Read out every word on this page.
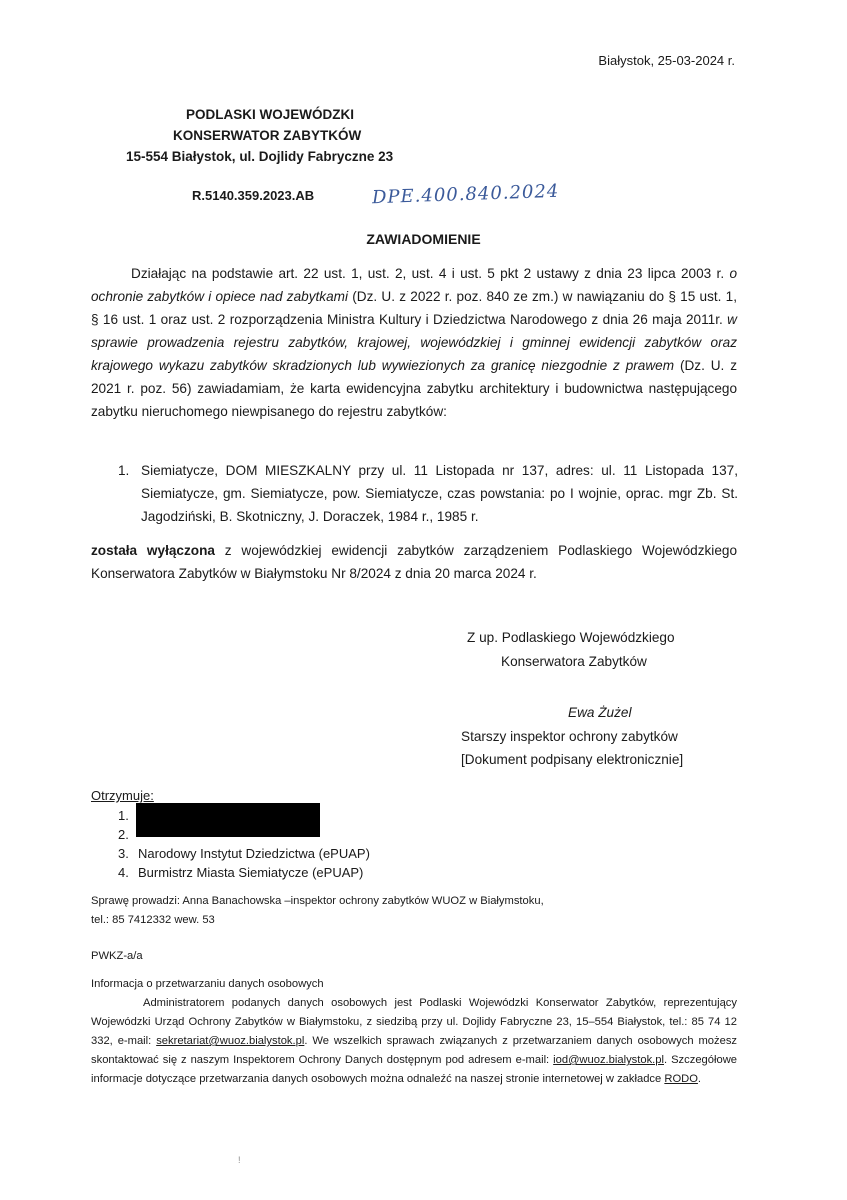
Białystok, 25-03-2024 r.
PODLASKI WOJEWÓDZKI
KONSERWATOR ZABYTKÓW
15-554 Białystok, ul. Dojlidy Fabryczne 23
R.5140.359.2023.AB	DPE.400.840.2024
ZAWIADOMIENIE
Działając na podstawie art. 22 ust. 1, ust. 2, ust. 4 i ust. 5 pkt 2 ustawy z dnia 23 lipca 2003 r. o ochronie zabytków i opiece nad zabytkami (Dz. U. z 2022 r. poz. 840 ze zm.) w nawiązaniu do § 15 ust. 1, § 16 ust. 1 oraz ust. 2 rozporządzenia Ministra Kultury i Dziedzictwa Narodowego z dnia 26 maja 2011r. w sprawie prowadzenia rejestru zabytków, krajowej, wojewódzkiej i gminnej ewidencji zabytków oraz krajowego wykazu zabytków skradzionych lub wywiezionych za granicę niezgodnie z prawem (Dz. U. z 2021 r. poz. 56) zawiadamiam, że karta ewidencyjna zabytku architektury i budownictwa następującego zabytku nieruchomego niewpisanego do rejestru zabytków:
1. Siemiatycze, DOM MIESZKALNY przy ul. 11 Listopada nr 137, adres: ul. 11 Listopada 137, Siemiatycze, gm. Siemiatycze, pow. Siemiatycze, czas powstania: po I wojnie, oprac. mgr Zb. St. Jagodziński, B. Skotniczny, J. Doraczek, 1984 r., 1985 r.
została wyłączona z wojewódzkiej ewidencji zabytków zarządzeniem Podlaskiego Wojewódzkiego Konserwatora Zabytków w Białymstoku Nr 8/2024 z dnia 20 marca 2024 r.
Z up. Podlaskiego Wojewódzkiego
Konserwatora Zabytków
Ewa Żużel
Starszy inspektor ochrony zabytków
[Dokument podpisany elektronicznie]
Otrzymuje:
1.
2.
3. Narodowy Instytut Dziedzictwa (ePUAP)
4. Burmistrz Miasta Siemiatycze (ePUAP)
Sprawę prowadzi: Anna Banachowska –inspektor ochrony zabytków WUOZ w Białymstoku,
tel.: 85 7412332 wew. 53
PWKZ-a/a
Informacja o przetwarzaniu danych osobowych
Administratorem podanych danych osobowych jest Podlaski Wojewódzki Konserwator Zabytków, reprezentujący Wojewódzki Urząd Ochrony Zabytków w Białymstoku, z siedzibą przy ul. Dojlidy Fabryczne 23, 15–554 Białystok, tel.: 85 74 12 332, e-mail: sekretariat@wuoz.bialystok.pl. We wszelkich sprawach związanych z przetwarzaniem danych osobowych możesz skontaktować się z naszym Inspektorem Ochrony Danych dostępnym pod adresem e-mail: iod@wuoz.bialystok.pl. Szczegółowe informacje dotyczące przetwarzania danych osobowych można odnaleźć na naszej stronie internetowej w zakładce RODO.
!
